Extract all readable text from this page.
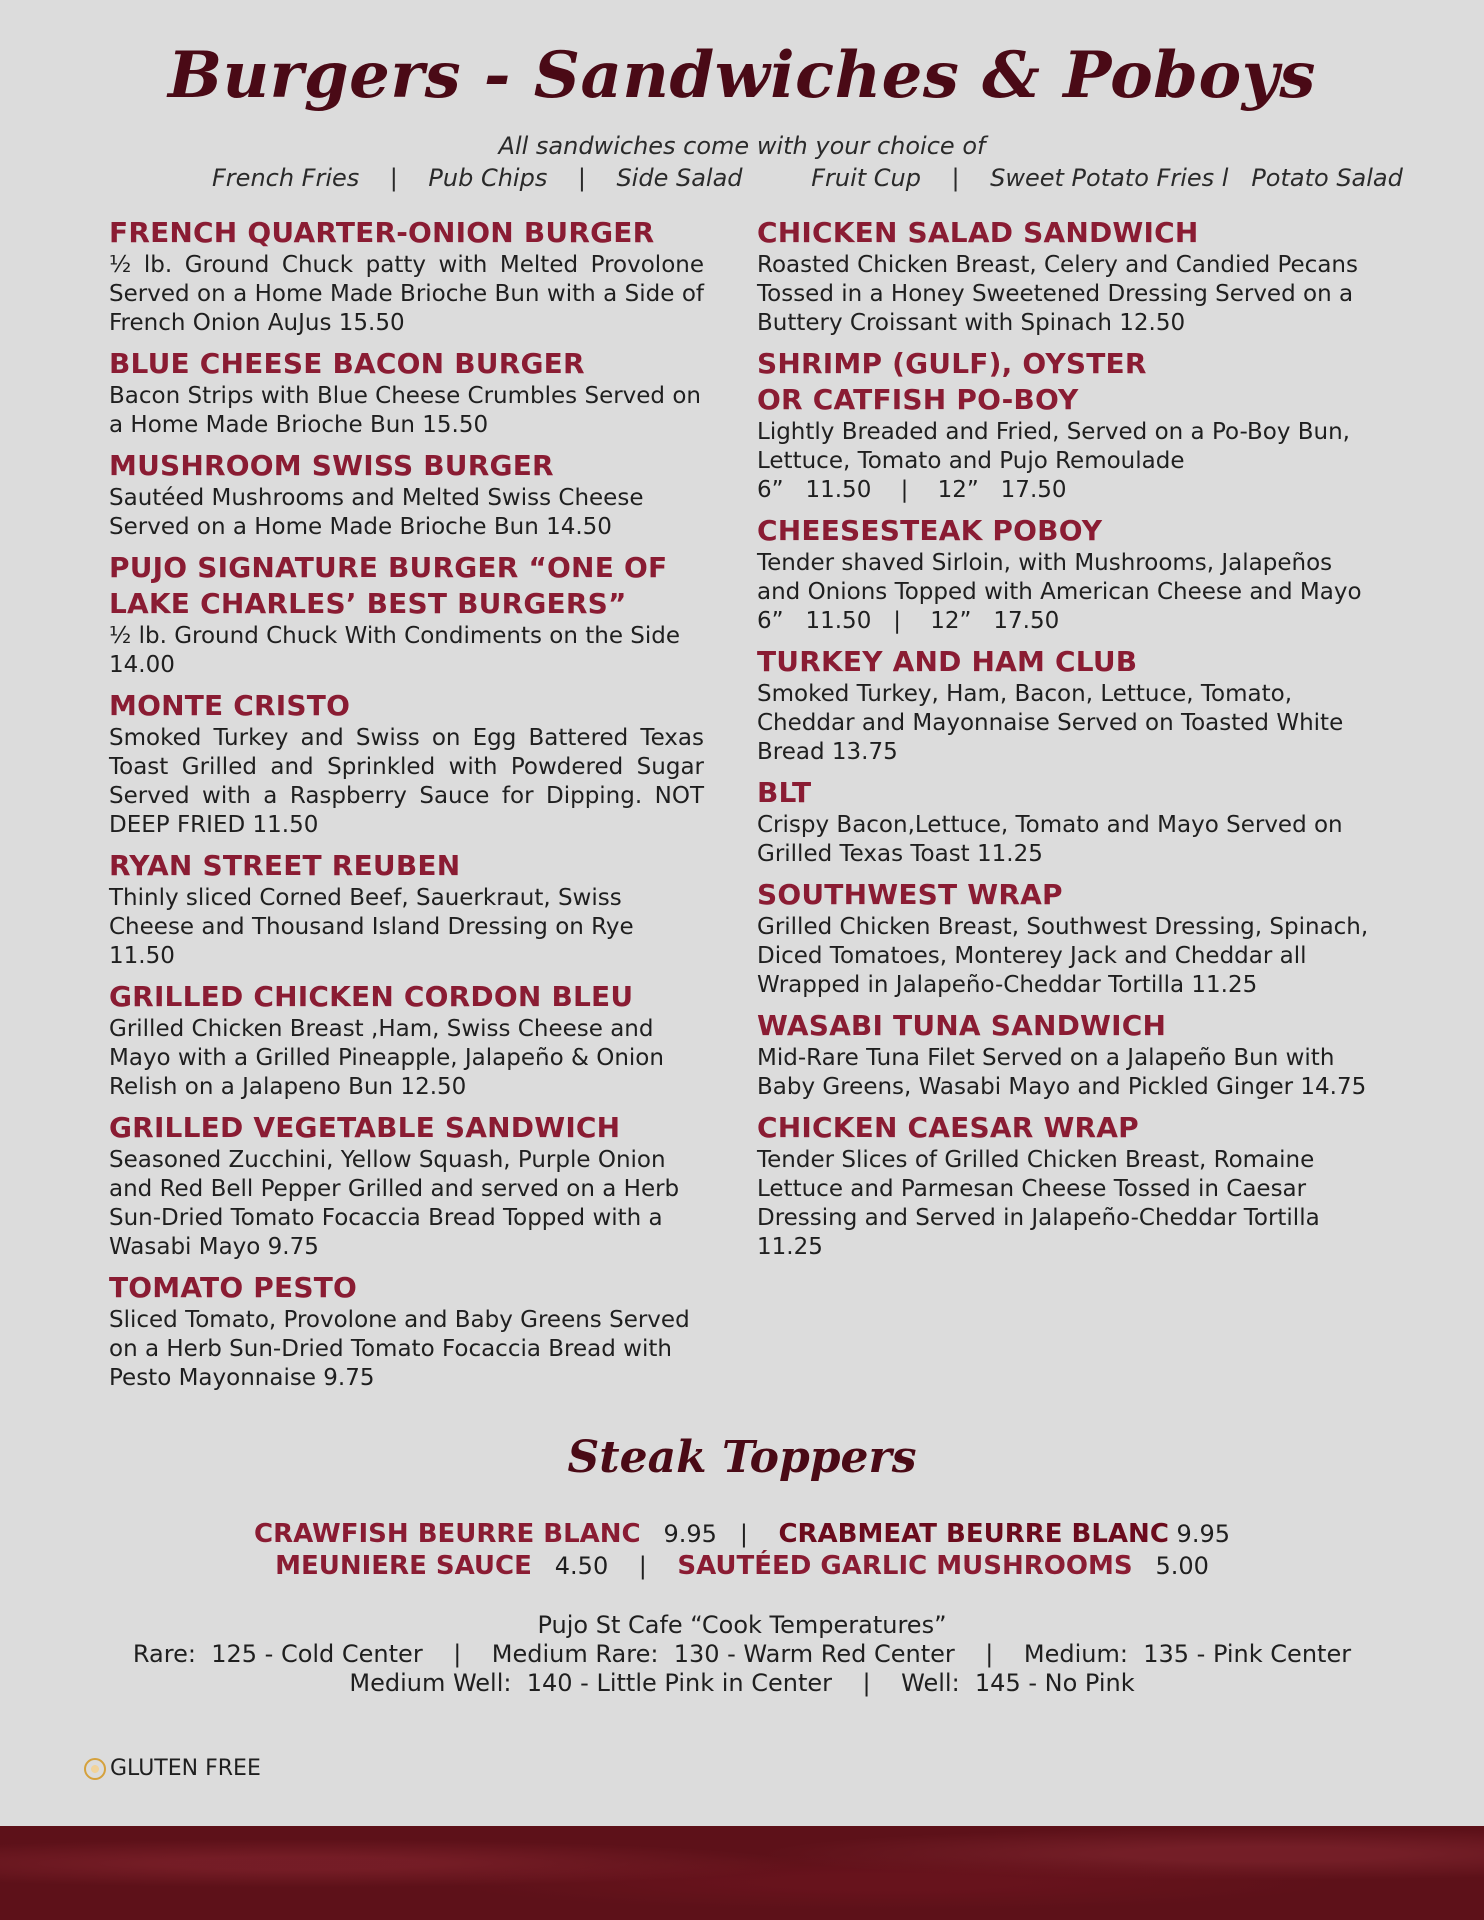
Burgers - Sandwiches & Poboys
All sandwiches come with your choice of
French Fries    |    Pub Chips    |    Side Salad         Fruit Cup    |    Sweet Potato Fries l   Potato Salad
FRENCH QUARTER-ONION BURGER

½ lb. Ground Chuck patty with Melted Provolone Served on a Home Made Brioche Bun with a Side of French Onion AuJus 15.50

BLUE CHEESE BACON BURGER

Bacon Strips with Blue Cheese Crumbles Served on a Home Made Brioche Bun 15.50

MUSHROOM SWISS BURGER

Sautéed Mushrooms and Melted Swiss Cheese Served on a Home Made Brioche Bun 14.50

PUJO SIGNATURE BURGER “ONE OF LAKE CHARLES’ BEST BURGERS”

½ lb. Ground Chuck With Condiments on the Side 14.00

MONTE CRISTO

Smoked Turkey and Swiss on Egg Battered Texas Toast Grilled and Sprinkled with Powdered Sugar Served with a Raspberry Sauce for Dipping. NOT DEEP FRIED 11.50

RYAN STREET REUBEN

Thinly sliced Corned Beef, Sauerkraut, Swiss Cheese and Thousand Island Dressing on Rye 11.50

GRILLED CHICKEN CORDON BLEU

Grilled Chicken Breast ,Ham, Swiss Cheese and Mayo with a Grilled Pineapple, Jalapeño & Onion Relish on a Jalapeno Bun 12.50

GRILLED VEGETABLE SANDWICH

Seasoned Zucchini, Yellow Squash, Purple Onion and Red Bell Pepper Grilled and served on a Herb Sun-Dried Tomato Focaccia Bread Topped with a Wasabi Mayo 9.75

TOMATO PESTO

Sliced Tomato, Provolone and Baby Greens Served on a Herb Sun-Dried Tomato Focaccia Bread with Pesto Mayonnaise 9.75

CHICKEN SALAD SANDWICH

Roasted Chicken Breast, Celery and Candied Pecans Tossed in a Honey Sweetened Dressing Served on a Buttery Croissant with Spinach 12.50

SHRIMP (GULF), OYSTER OR CATFISH PO-BOY

Lightly Breaded and Fried, Served on a Po-Boy Bun, Lettuce, Tomato and Pujo Remoulade

6”   11.50    |    12”   17.50

CHEESESTEAK POBOY

Tender shaved Sirloin, with Mushrooms, Jalapeños and Onions Topped with American Cheese and Mayo

6”   11.50   |    12”   17.50

TURKEY AND HAM CLUB

Smoked Turkey, Ham, Bacon, Lettuce, Tomato, Cheddar and Mayonnaise Served on Toasted White Bread 13.75

BLT

Crispy Bacon,Lettuce, Tomato and Mayo Served on Grilled Texas Toast 11.25

SOUTHWEST WRAP

Grilled Chicken Breast, Southwest Dressing, Spinach, Diced Tomatoes, Monterey Jack and Cheddar all Wrapped in Jalapeño-Cheddar Tortilla 11.25

WASABI TUNA SANDWICH

Mid-Rare Tuna Filet Served on a Jalapeño Bun with Baby Greens, Wasabi Mayo and Pickled Ginger 14.75

CHICKEN CAESAR WRAP

Tender Slices of Grilled Chicken Breast, Romaine Lettuce and Parmesan Cheese Tossed in Caesar Dressing and Served in Jalapeño-Cheddar Tortilla 11.25

Steak Toppers
CRAWFISH BEURRE BLANC 9.95   |    CRABMEAT BEURRE BLANC 9.95
MEUNIERE SAUCE 4.50    |    SAUTÉED GARLIC MUSHROOMS 5.00
Pujo St Cafe “Cook Temperatures”
Rare:  125 - Cold Center    |    Medium Rare:  130 - Warm Red Center    |    Medium:  135 - Pink Center
Medium Well:  140 - Little Pink in Center    |    Well:  145 - No Pink
GLUTEN FREE
